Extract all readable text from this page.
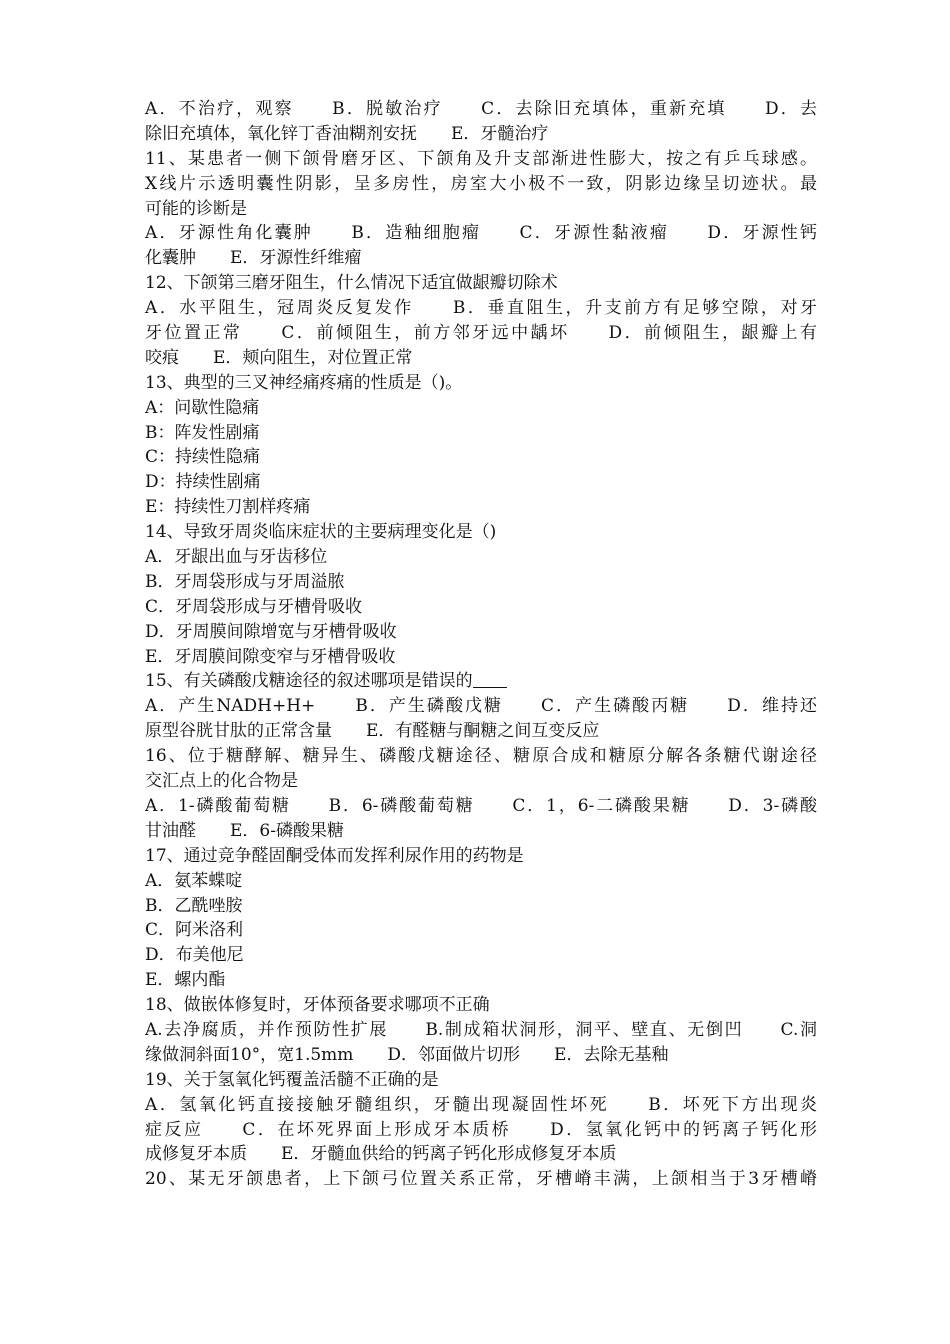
A．不治疗，观察　　B．脱敏治疗　　C．去除旧充填体，重新充填　　D．去
除旧充填体，氧化锌丁香油糊剂安抚　　E．牙髓治疗
11、某患者一侧下颌骨磨牙区、下颌角及升支部渐进性膨大，按之有乒乓球感。
X线片示透明囊性阴影，呈多房性，房室大小极不一致，阴影边缘呈切迹状。最
可能的诊断是
A．牙源性角化囊肿　　B．造釉细胞瘤　　C．牙源性黏液瘤　　D．牙源性钙
化囊肿　　E．牙源性纤维瘤
12、下颌第三磨牙阻生，什么情况下适宜做龈瓣切除术
A．水平阻生，冠周炎反复发作　　B．垂直阻生，升支前方有足够空隙，对牙
牙位置正常　　C．前倾阻生，前方邻牙远中龋坏　　D．前倾阻生，龈瓣上有
咬痕　　E．颊向阻生，对位置正常
13、典型的三叉神经痛疼痛的性质是（)。
A：问歇性隐痛
B：阵发性剧痛
C：持续性隐痛
D：持续性剧痛
E：持续性刀割样疼痛
14、导致牙周炎临床症状的主要病理变化是（)
A．牙龈出血与牙齿移位
B．牙周袋形成与牙周溢脓
C．牙周袋形成与牙槽骨吸收
D．牙周膜间隙增宽与牙槽骨吸收
E．牙周膜间隙变窄与牙槽骨吸收
15、有关磷酸戊糖途径的叙述哪项是错误的
A．产生NADH+H+　　B．产生磷酸戊糖　　C．产生磷酸丙糖　　D．维持还
原型谷胱甘肽的正常含量　　E．有醛糖与酮糖之间互变反应
16、位于糖酵解、糖异生、磷酸戊糖途径、糖原合成和糖原分解各条糖代谢途径
交汇点上的化合物是
A．1-磷酸葡萄糖　　B．6-磷酸葡萄糖　　C．1，6-二磷酸果糖　　D．3-磷酸
甘油醛　　E．6-磷酸果糖
17、通过竞争醛固酮受体而发挥利尿作用的药物是
A．氨苯蝶啶
B．乙酰唑胺
C．阿米洛利
D．布美他尼
E．螺内酯
18、做嵌体修复时，牙体预备要求哪项不正确
A.去净腐质，并作预防性扩展　　B.制成箱状洞形，洞平、壁直、无倒凹　　C.洞
缘做洞斜面10°，宽1.5mm　　D．邻面做片切形　　E．去除无基釉
19、关于氢氧化钙覆盖活髓不正确的是
A．氢氧化钙直接接触牙髓组织，牙髓出现凝固性坏死　　B．坏死下方出现炎
症反应　　C．在坏死界面上形成牙本质桥　　D．氢氧化钙中的钙离子钙化形
成修复牙本质　　E．牙髓血供给的钙离子钙化形成修复牙本质
20、某无牙颌患者，上下颌弓位置关系正常，牙槽嵴丰满，上颌相当于3牙槽嵴
